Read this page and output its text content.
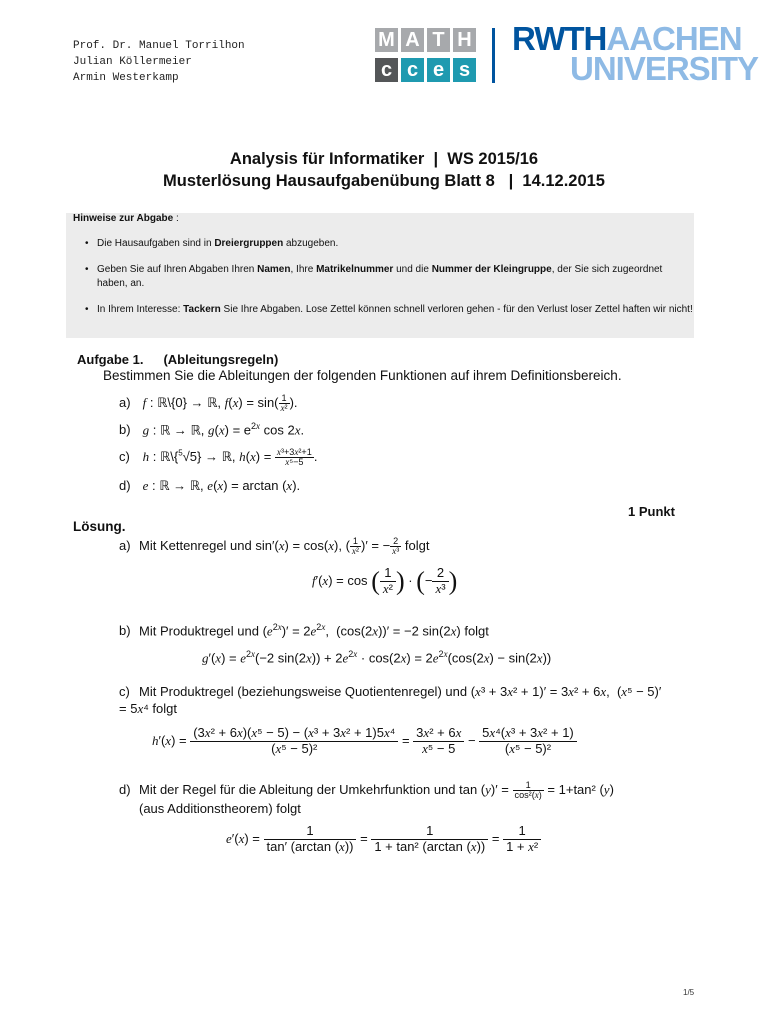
Prof. Dr. Manuel Torrilhon
Julian Köllermeier
Armin Westerkamp
M A T H
c c e s
RWTHAACHEN
UNIVERSITY
Analysis für Informatiker  |  WS 2015/16
Musterlösung Hausaufgabenübung Blatt 8   |  14.12.2015
Hinweise zur Abgabe :
• Die Hausaufgaben sind in Dreiergruppen abzugeben.
• Geben Sie auf Ihren Abgaben Ihren Namen, Ihre Matrikelnummer und die Nummer der Kleingruppe, der Sie sich zugeordnet haben, an.
• In Ihrem Interesse: Tackern Sie Ihre Abgaben. Lose Zettel können schnell verloren gehen - für den Verlust loser Zettel haften wir nicht!
Aufgabe 1. (Ableitungsregeln)
Bestimmen Sie die Ableitungen der folgenden Funktionen auf ihrem Definitionsbereich.
a) f : ℝ\{0} → ℝ, $f(x) = \sin( \frac{1}{\text{x²}}$ ).
b) g : ℝ → ℝ, $g(x) = e^{2x}$ cos 2x.
c) h : ℝ\{$^5$√5} → ℝ, $h(x) = \frac{\text{x³+3x²+1}}{\text{x⁵−5}}$ .
d) e : ℝ → ℝ, e(x) = arctan (x).
1 Punkt
Lösung.
a) Mit Kettenregel und sin′(x) = cos(x), ( $\frac{1}{\text{x²}}$ )′ = − $\frac{2}{\text{x³}}$ folgt
f′(x) = cos ( $\frac{1}{\text{x²}}$ ) · (− $\frac{2}{\text{x³}}$ )
b) Mit Produktregel und $(e^{2x})' = 2e^{2x}$,  (cos(2x))′ = −2 sin(2x) folgt
$g'(x) = e^{2x}(-2$ $\sin(2x)) + 2e^{2x} \cdot \cos(2x) = 2e^{2x}(\cos(2x) - \sin(2x))$
c) Mit Produktregel (beziehungsweise Quotientenregel) und (x³ + 3x² + 1)′ = 3x² + 6x,  (x⁵ − 5)′ = 5x⁴ folgt
$h'(x) = \frac{\text{(3x² + 6x)(x⁵ − 5) − (x³ + 3x² + 1)5x⁴}}{\text{(x⁵ − 5)²}} = \frac{\text{3x² + 6x}}{\text{x⁵ − 5}} - \frac{\text{5x⁴(x³ + 3x² + 1)}}{\text{(x⁵ − 5)²}}$
d) Mit der Regel für die Ableitung der Umkehrfunktion und $\tan (y)' = \frac{1}{\text{cos²(x)}} = 1+\tan^2$ (y)
(aus Additionstheorem) folgt
$e'(x) = \frac{1}{\tan' (\arctan (x))} = \frac{1}{\text{1 + tan² (arctan (x))}} = \frac{1}{\text{1 + x²}}$
1/5
